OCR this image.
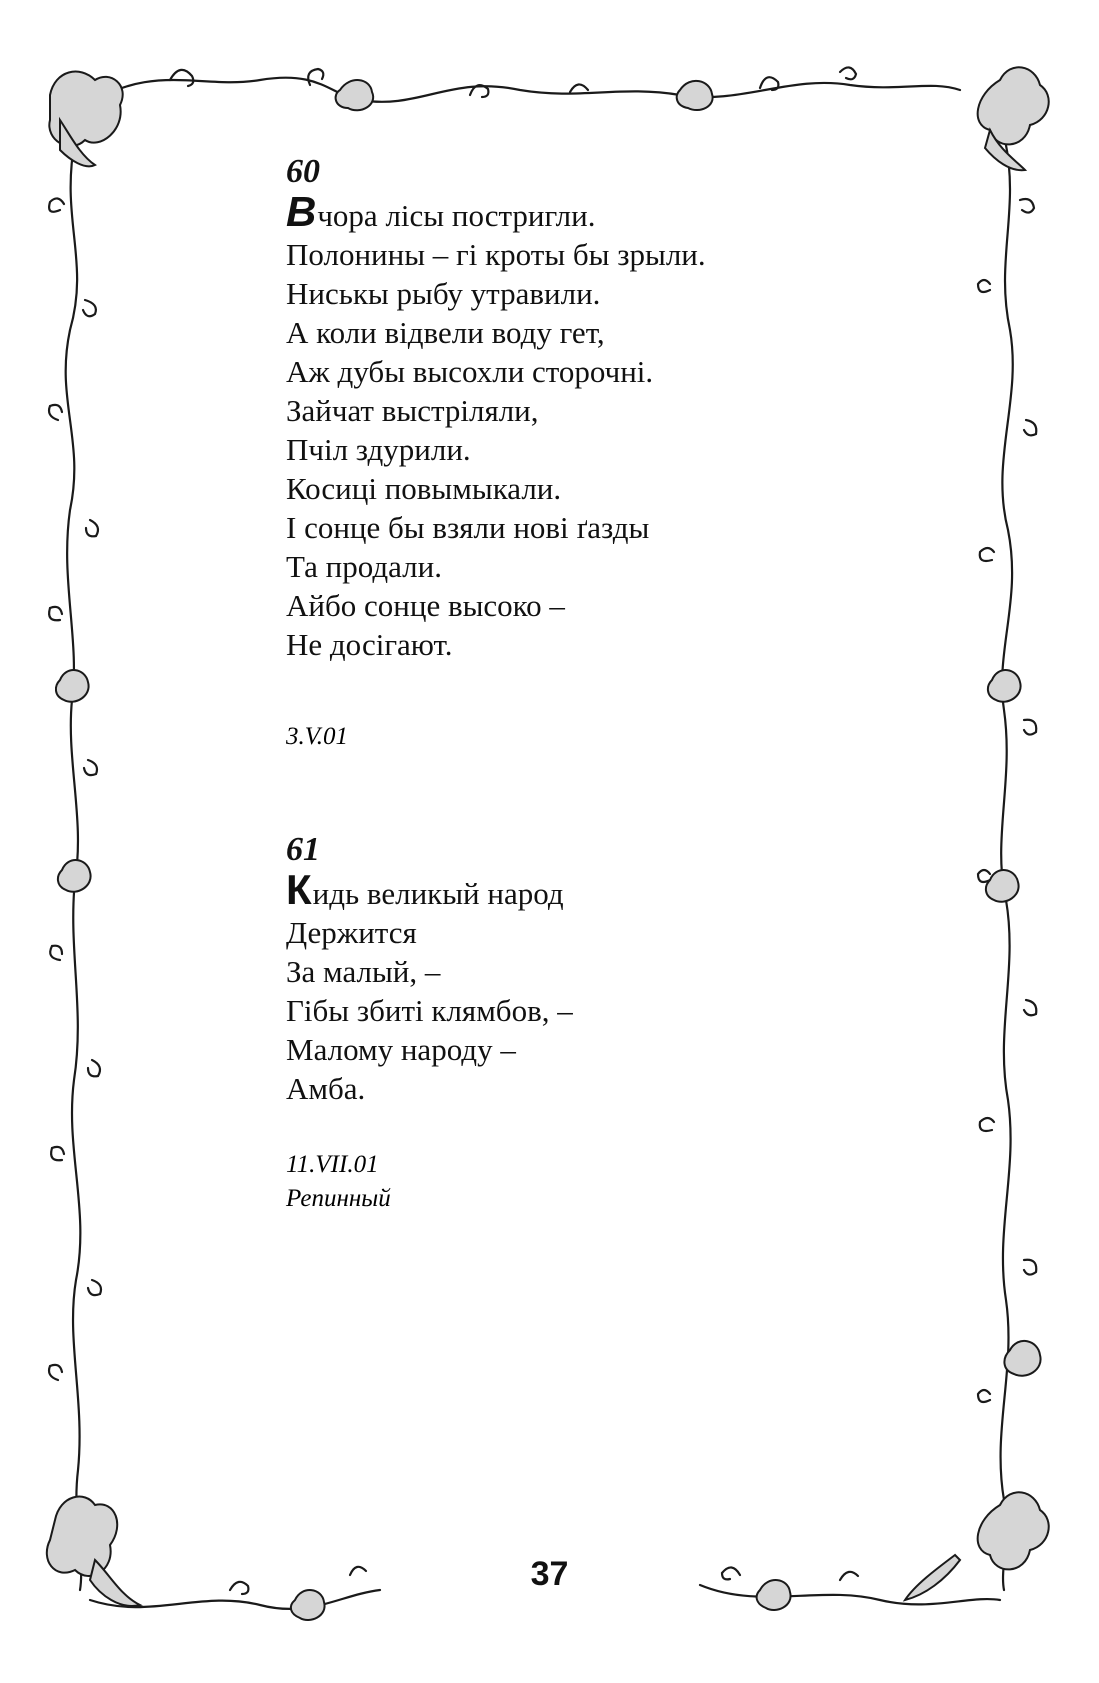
60

Вчора лісы постригли.

Полонины – гі кроты бы зрыли.

Ниськы рыбу утравили.

А коли відвели воду гет,

Аж дубы высохли сторочні.

Зайчат выстріляли,

Пчіл здурили.

Косиці повымыкали.

І сонце бы взяли нові ґазды

Та продали.

Айбо сонце высоко –

Не досігают.

3.V.01

61

Кидь великый народ

Держится

За малый, –

Гібы збиті клямбов, –

Малому народу –

Амба.

11.VII.01

Репинный

37
